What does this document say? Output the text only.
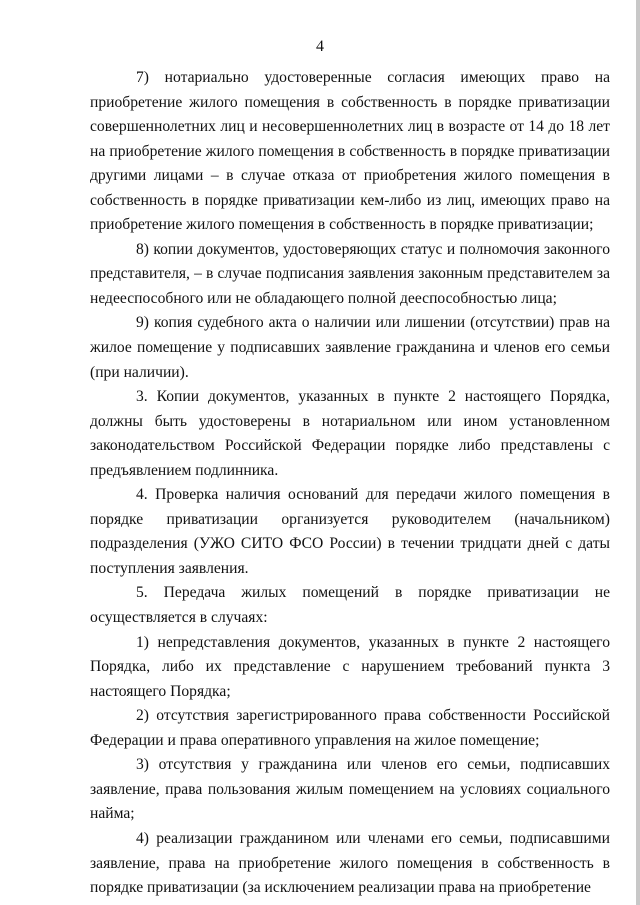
4

7) нотариально удостоверенные согласия имеющих право на приобретение жилого помещения в собственность в порядке приватизации совершеннолетних лиц и несовершеннолетних лиц в возрасте от 14 до 18 лет на приобретение жилого помещения в собственность в порядке приватизации другими лицами – в случае отказа от приобретения жилого помещения в собственность в порядке приватизации кем-либо из лиц, имеющих право на приобретение жилого помещения в собственность в порядке приватизации;

8) копии документов, удостоверяющих статус и полномочия законного представителя, – в случае подписания заявления законным представителем за недееспособного или не обладающего полной дееспособностью лица;

9) копия судебного акта о наличии или лишении (отсутствии) прав на жилое помещение у подписавших заявление гражданина и членов его семьи (при наличии).

3. Копии документов, указанных в пункте 2 настоящего Порядка, должны быть удостоверены в нотариальном или ином установленном законодательством Российской Федерации порядке либо представлены с предъявлением подлинника.

4. Проверка наличия оснований для передачи жилого помещения в порядке приватизации организуется руководителем (начальником) подразделения (УЖО СИТО ФСО России) в течении тридцати дней с даты поступления заявления.

5. Передача жилых помещений в порядке приватизации не осуществляется в случаях:

1) непредставления документов, указанных в пункте 2 настоящего Порядка, либо их представление с нарушением требований пункта 3 настоящего Порядка;

2) отсутствия зарегистрированного права собственности Российской Федерации и права оперативного управления на жилое помещение;

3) отсутствия у гражданина или членов его семьи, подписавших заявление, права пользования жилым помещением на условиях социального найма;

4) реализации гражданином или членами его семьи, подписавшими заявление, права на приобретение жилого помещения в собственность в порядке приватизации (за исключением реализации права на приобретение
